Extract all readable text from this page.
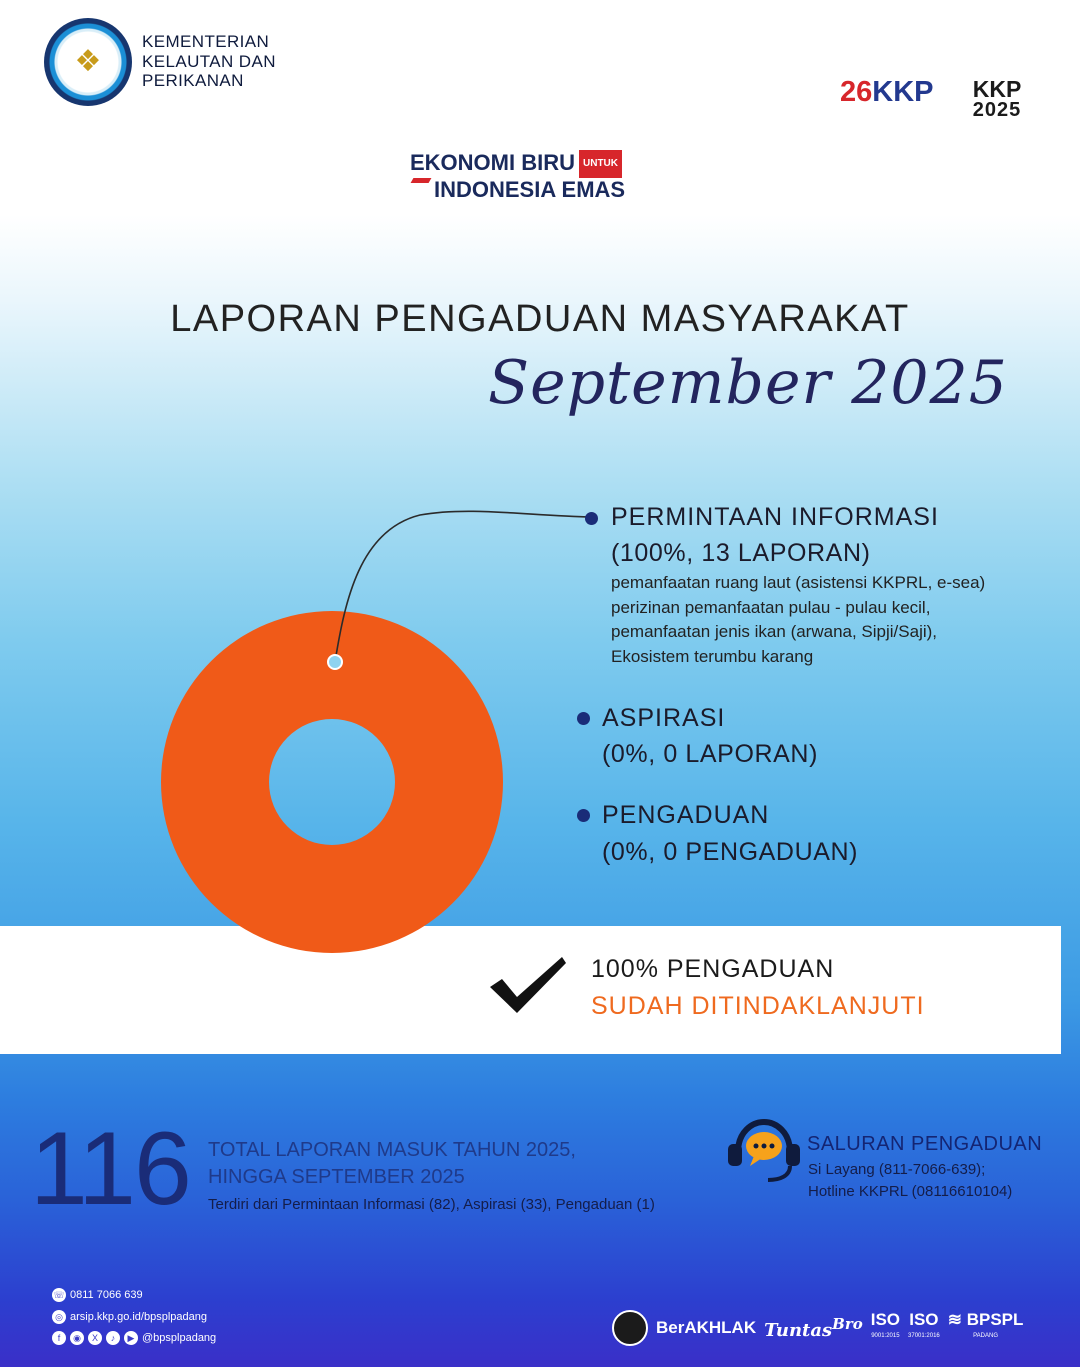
❖
KEMENTERIAN
KELAUTAN DAN
PERIKANAN	26KKP	KKP
2025
EKONOMI BIRU UNTUK
INDONESIA EMAS
LAPORAN PENGADUAN MASYARAKAT
September 2025
PERMINTAAN INFORMASI
(100%, 13 LAPORAN)
pemanfaatan ruang laut (asistensi KKPRL, e-sea)
perizinan pemanfaatan pulau - pulau kecil,
pemanfaatan jenis ikan (arwana, Sipji/Saji),
Ekosistem terumbu karang
ASPIRASI
(0%, 0 LAPORAN)
PENGADUAN
(0%, 0 PENGADUAN)
100% PENGADUAN
SUDAH DITINDAKLANJUTI
116 TOTAL LAPORAN MASUK TAHUN 2025,
HINGGA SEPTEMBER 2025
Terdiri dari Permintaan Informasi (82), Aspirasi (33), Pengaduan (1)
SALURAN PENGADUAN
Si Layang (811-7066-639);
Hotline KKPRL (08116610104)
☏ 0811 7066 639
◎ arsip.kkp.go.id/bpsplpadang
f	◉	X	♪	▶ @bpsplpadang
BerAKHLAK Tuntas$^{Bro}$ ISO
9001:2015
ISO
37001:2016
≋ BPSPL
PADANG
